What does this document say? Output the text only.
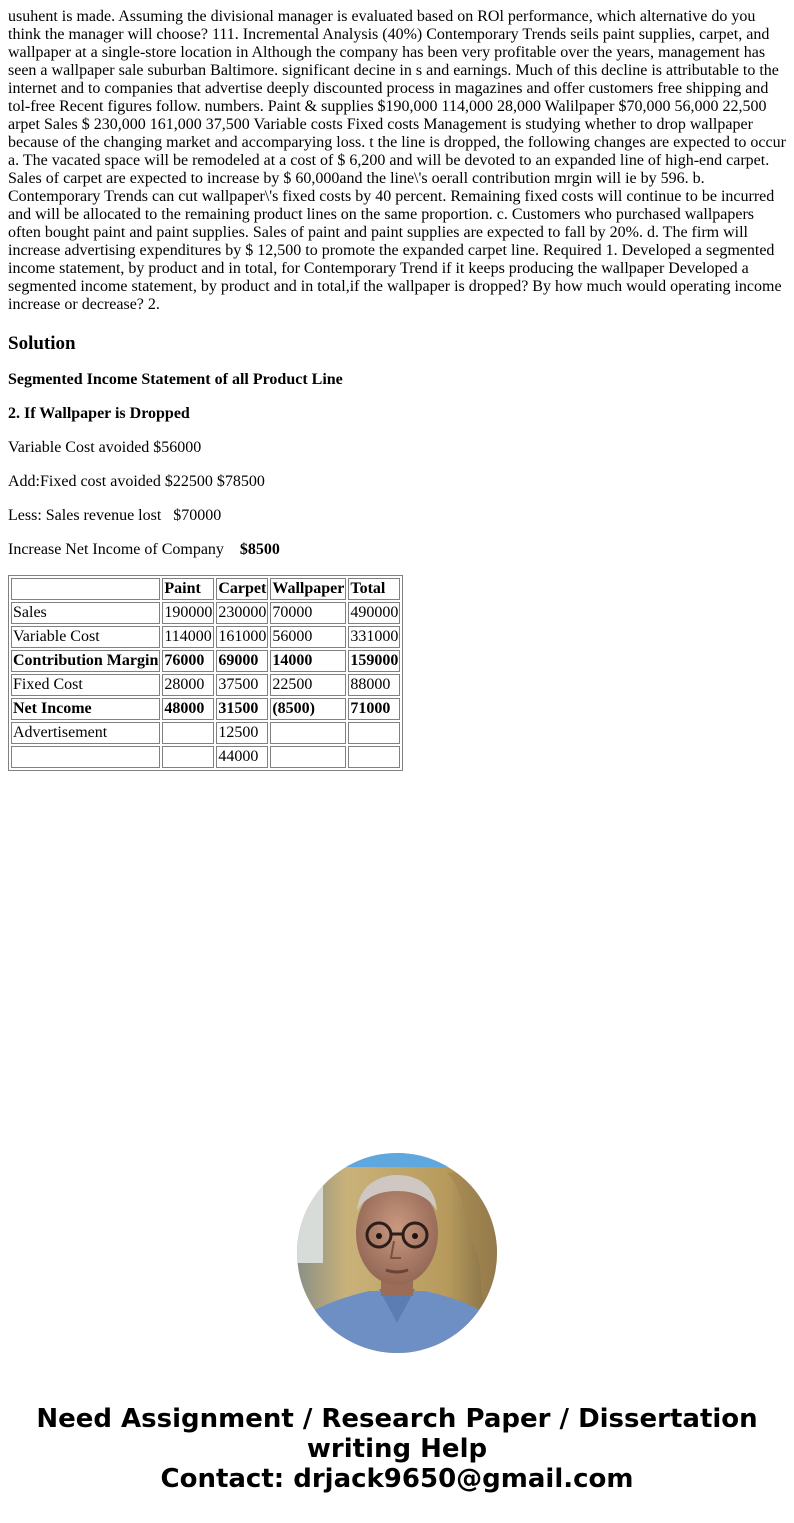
usuhent is made. Assuming the divisional manager is evaluated based on ROl performance, which alternative do you think the manager will choose? 111. Incremental Analysis (40%) Contemporary Trends seils paint supplies, carpet, and wallpaper at a single-store location in Although the company has been very profitable over the years, management has seen a wallpaper sale suburban Baltimore. significant decine in s and earnings. Much of this decline is attributable to the internet and to companies that advertise deeply discounted process in magazines and offer customers free shipping and tol-free Recent figures follow. numbers. Paint & supplies $190,000 114,000 28,000 Walilpaper $70,000 56,000 22,500 arpet Sales $ 230,000 161,000 37,500 Variable costs Fixed costs Management is studying whether to drop wallpaper because of the changing market and accomparying loss. t the line is dropped, the following changes are expected to occur a. The vacated space will be remodeled at a cost of $ 6,200 and will be devoted to an expanded line of high-end carpet. Sales of carpet are expected to increase by $ 60,000and the line\'s oerall contribution mrgin will ie by 596. b. Contemporary Trends can cut wallpaper\'s fixed costs by 40 percent. Remaining fixed costs will continue to be incurred and will be allocated to the remaining product lines on the same proportion. c. Customers who purchased wallpapers often bought paint and paint supplies. Sales of paint and paint supplies are expected to fall by 20%. d. The firm will increase advertising expenditures by $ 12,500 to promote the expanded carpet line. Required 1. Developed a segmented income statement, by product and in total, for Contemporary Trend if it keeps producing the wallpaper Developed a segmented income statement, by product and in total,if the wallpaper is dropped? By how much would operating income increase or decrease? 2.

Solution

Segmented Income Statement of all Product Line

2. If Wallpaper is Dropped

Variable Cost avoided $56000

Add:Fixed cost avoided $22500 $78500

Less: Sales revenue lost   $70000

Increase Net Income of Company    $8500

	Paint	Carpet	Wallpaper	Total
Sales	190000	230000	70000	490000
Variable Cost	114000	161000	56000	331000
Contribution Margin	76000	69000	14000	159000
Fixed Cost	28000	37500	22500	88000
Net Income	48000	31500	(8500)	71000
Advertisement		12500		
		44000		
Need Assignment / Research Paper / Dissertation
writing Help
Contact: drjack9650@gmail.com
